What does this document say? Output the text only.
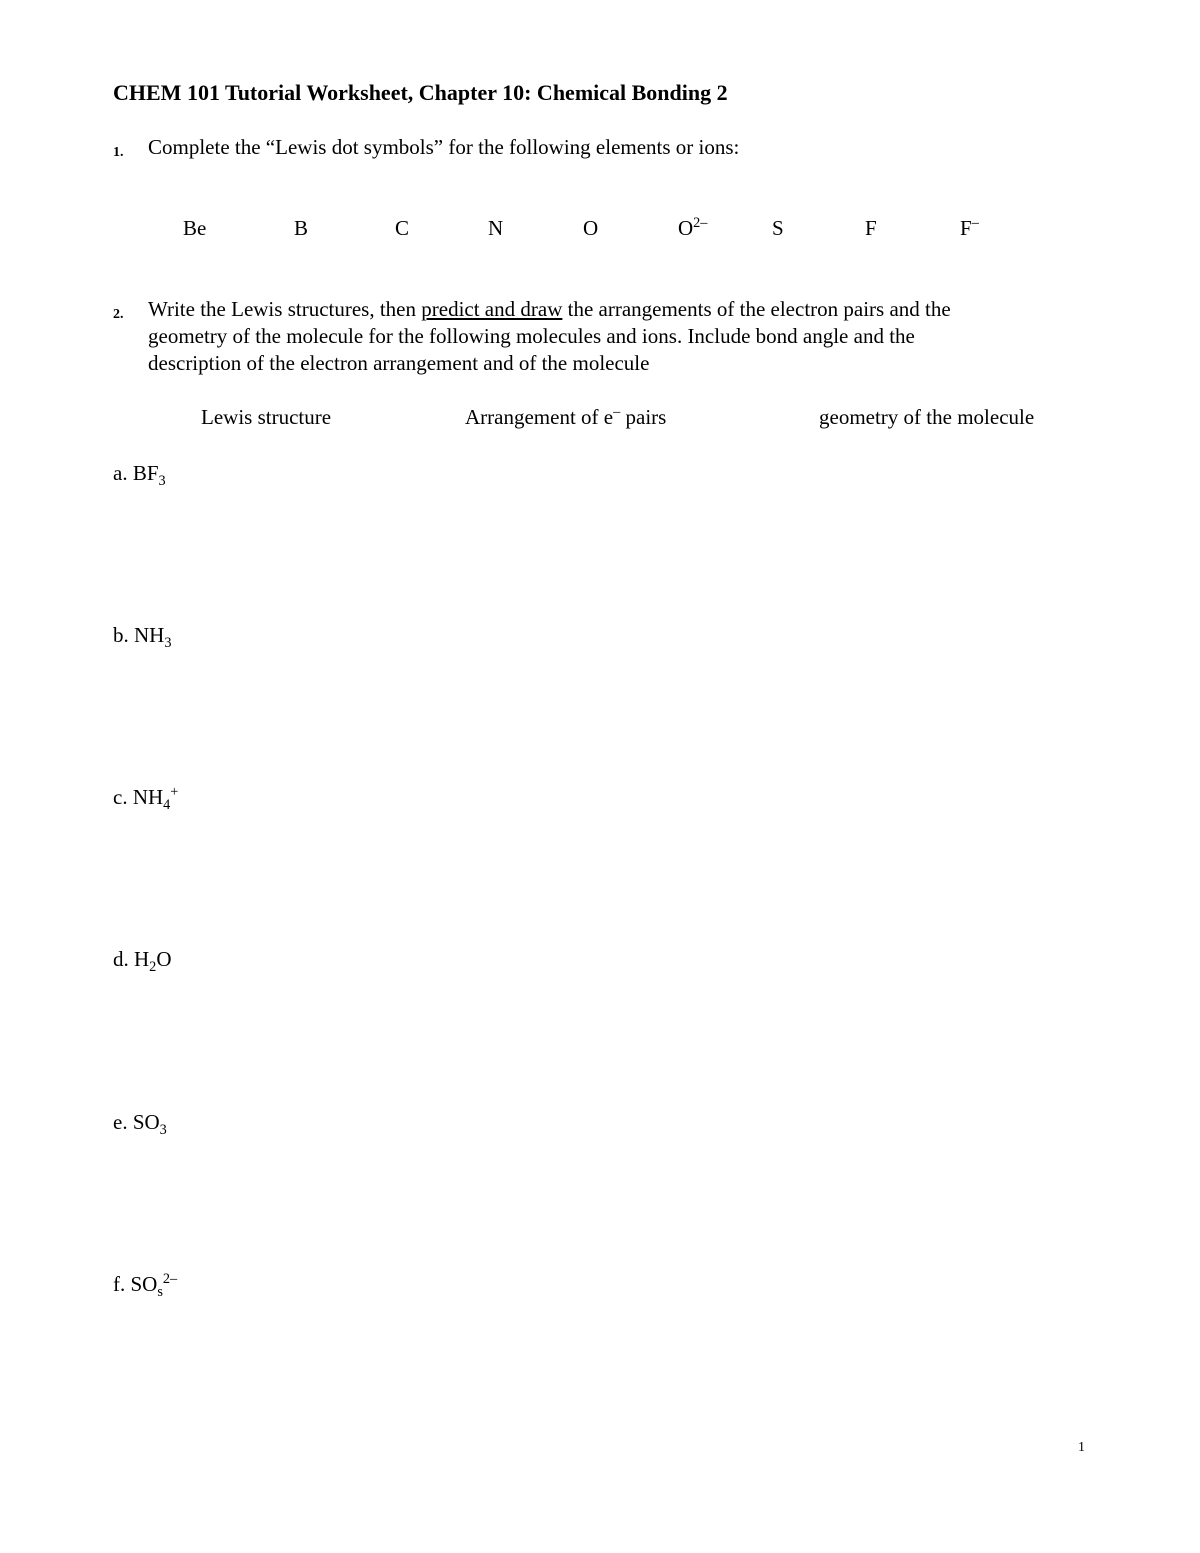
CHEM 101 Tutorial Worksheet, Chapter 10: Chemical Bonding 2
1. Complete the “Lewis dot symbols” for the following elements or ions:
Be	B	C	N	O	$O^{2-}$	S	F	F–
2. Write the Lewis structures, then predict and draw the arrangements of the electron pairs and the
geometry of the molecule for the following molecules and ions. Include bond angle and the
description of the electron arrangement and of the molecule
Lewis structure	Arrangement of e– pairs	geometry of the molecule
a. $BF_3$
b. $NH_3$
c. $NH_4^+$
d. $H_2O$
e. $SO_3$
f. $SO_s^{2-}$
1
